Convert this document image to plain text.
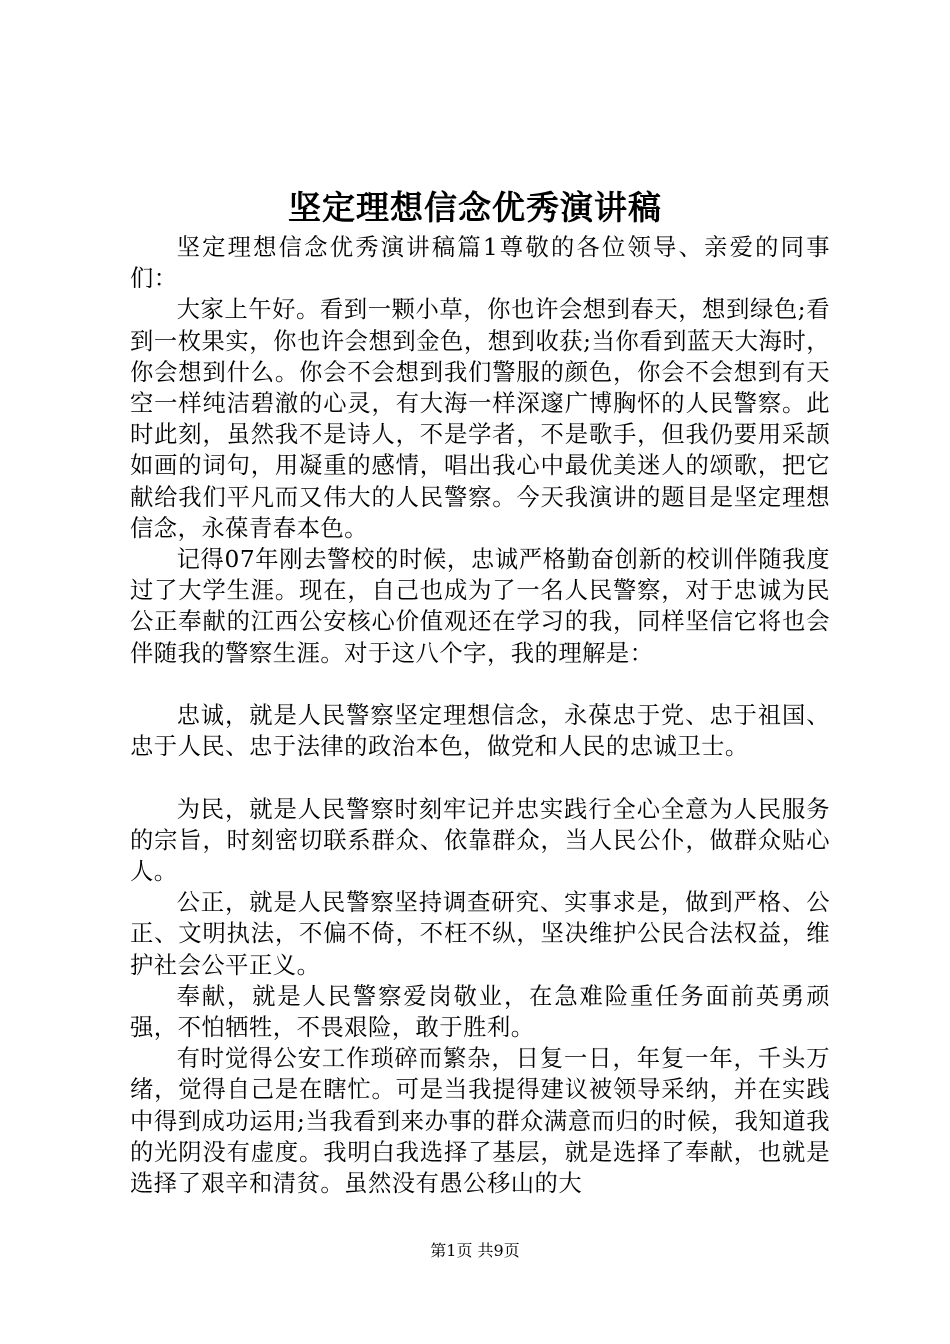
坚定理想信念优秀演讲稿

坚定理想信念优秀演讲稿篇1尊敬的各位领导、亲爱的同事们：

大家上午好。看到一颗小草，你也许会想到春天，想到绿色;看到一枚果实，你也许会想到金色，想到收获;当你看到蓝天大海时，你会想到什么。你会不会想到我们警服的颜色，你会不会想到有天空一样纯洁碧澈的心灵，有大海一样深邃广博胸怀的人民警察。此时此刻，虽然我不是诗人，不是学者，不是歌手，但我仍要用采颉如画的词句，用凝重的感情，唱出我心中最优美迷人的颂歌，把它献给我们平凡而又伟大的人民警察。今天我演讲的题目是坚定理想信念，永葆青春本色。

记得07年刚去警校的时候，忠诚严格勤奋创新的校训伴随我度过了大学生涯。现在，自己也成为了一名人民警察，对于忠诚为民公正奉献的江西公安核心价值观还在学习的我，同样坚信它将也会伴随我的警察生涯。对于这八个字，我的理解是：

忠诚，就是人民警察坚定理想信念，永葆忠于党、忠于祖国、忠于人民、忠于法律的政治本色，做党和人民的忠诚卫士。

为民，就是人民警察时刻牢记并忠实践行全心全意为人民服务的宗旨，时刻密切联系群众、依靠群众，当人民公仆，做群众贴心人。

公正，就是人民警察坚持调查研究、实事求是，做到严格、公正、文明执法，不偏不倚，不枉不纵，坚决维护公民合法权益，维护社会公平正义。

奉献，就是人民警察爱岗敬业，在急难险重任务面前英勇顽强，不怕牺牲，不畏艰险，敢于胜利。

有时觉得公安工作琐碎而繁杂，日复一日，年复一年，千头万绪，觉得自己是在瞎忙。可是当我提得建议被领导采纳，并在实践中得到成功运用;当我看到来办事的群众满意而归的时候，我知道我的光阴没有虚度。我明白我选择了基层，就是选择了奉献，也就是选择了艰辛和清贫。虽然没有愚公移山的大

第1页 共9页
